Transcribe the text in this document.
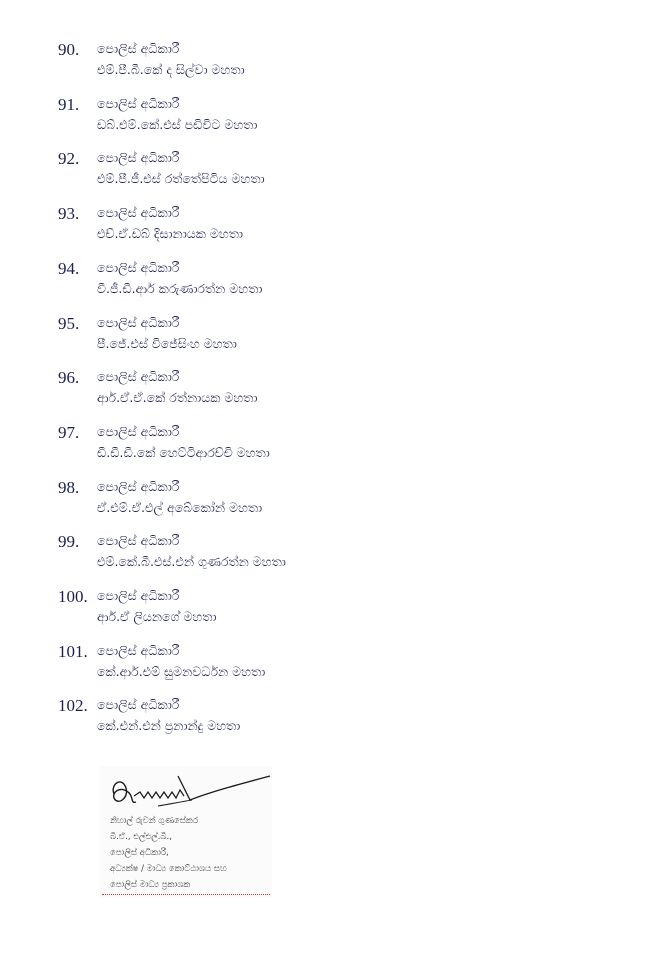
90. පොලිස් අධිකාරී
එම්.පී.බී.කේ ද සිල්වා මහතා
91. පොලිස් අධිකාරී
ඩබ්.එම්.කේ.එස් පඩිවිට මහතා
92. පොලිස් අධිකාරී
එම්.පී.ජී.එස් රත්තේපිටිය මහතා
93. පොලිස් අධිකාරී
එච්.ඒ.ඩබ් දිසානායක මහතා
94. පොලිස් අධිකාරී
වී.ජී.ඩී.ආර් කරුණාරත්න මහතා
95. පොලිස් අධිකාරී
පී.ජේ.එස් විජේසිංහ මහතා
96. පොලිස් අධිකාරී
ආර්.ඒ.ඒ.කේ රත්නායක මහතා
97. පොලිස් අධිකාරී
ඩී.ඩී.ඩී.කේ හෙට්ටිආරච්චි මහතා
98. පොලිස් අධිකාරී
ඒ.එම්.ඒ.එල් අබේකෝන් මහතා
99. පොලිස් අධිකාරී
එම්.කේ.බී.එස්.එන් ගුණරත්න මහතා
100. පොලිස් අධිකාරී
ආර්.ඒ ලියනගේ මහතා
101. පොලිස් අධිකාරී
කේ.ආර්.එම් සුමනවර්ධන මහතා
102. පොලිස් අධිකාරී
කේ.එන්.එන් ප්‍රනාන්දු මහතා
නිහාල් රුවන් ගුණසේකර
බී.ඒ., එල්එල්.බී.,
පොලිස් අධිකාරී,
අධ්‍යක්ෂ / මාධ්‍ය කොට්ඨාශය සහ
පොලිස් මාධ්‍ය ප්‍රකාශක
